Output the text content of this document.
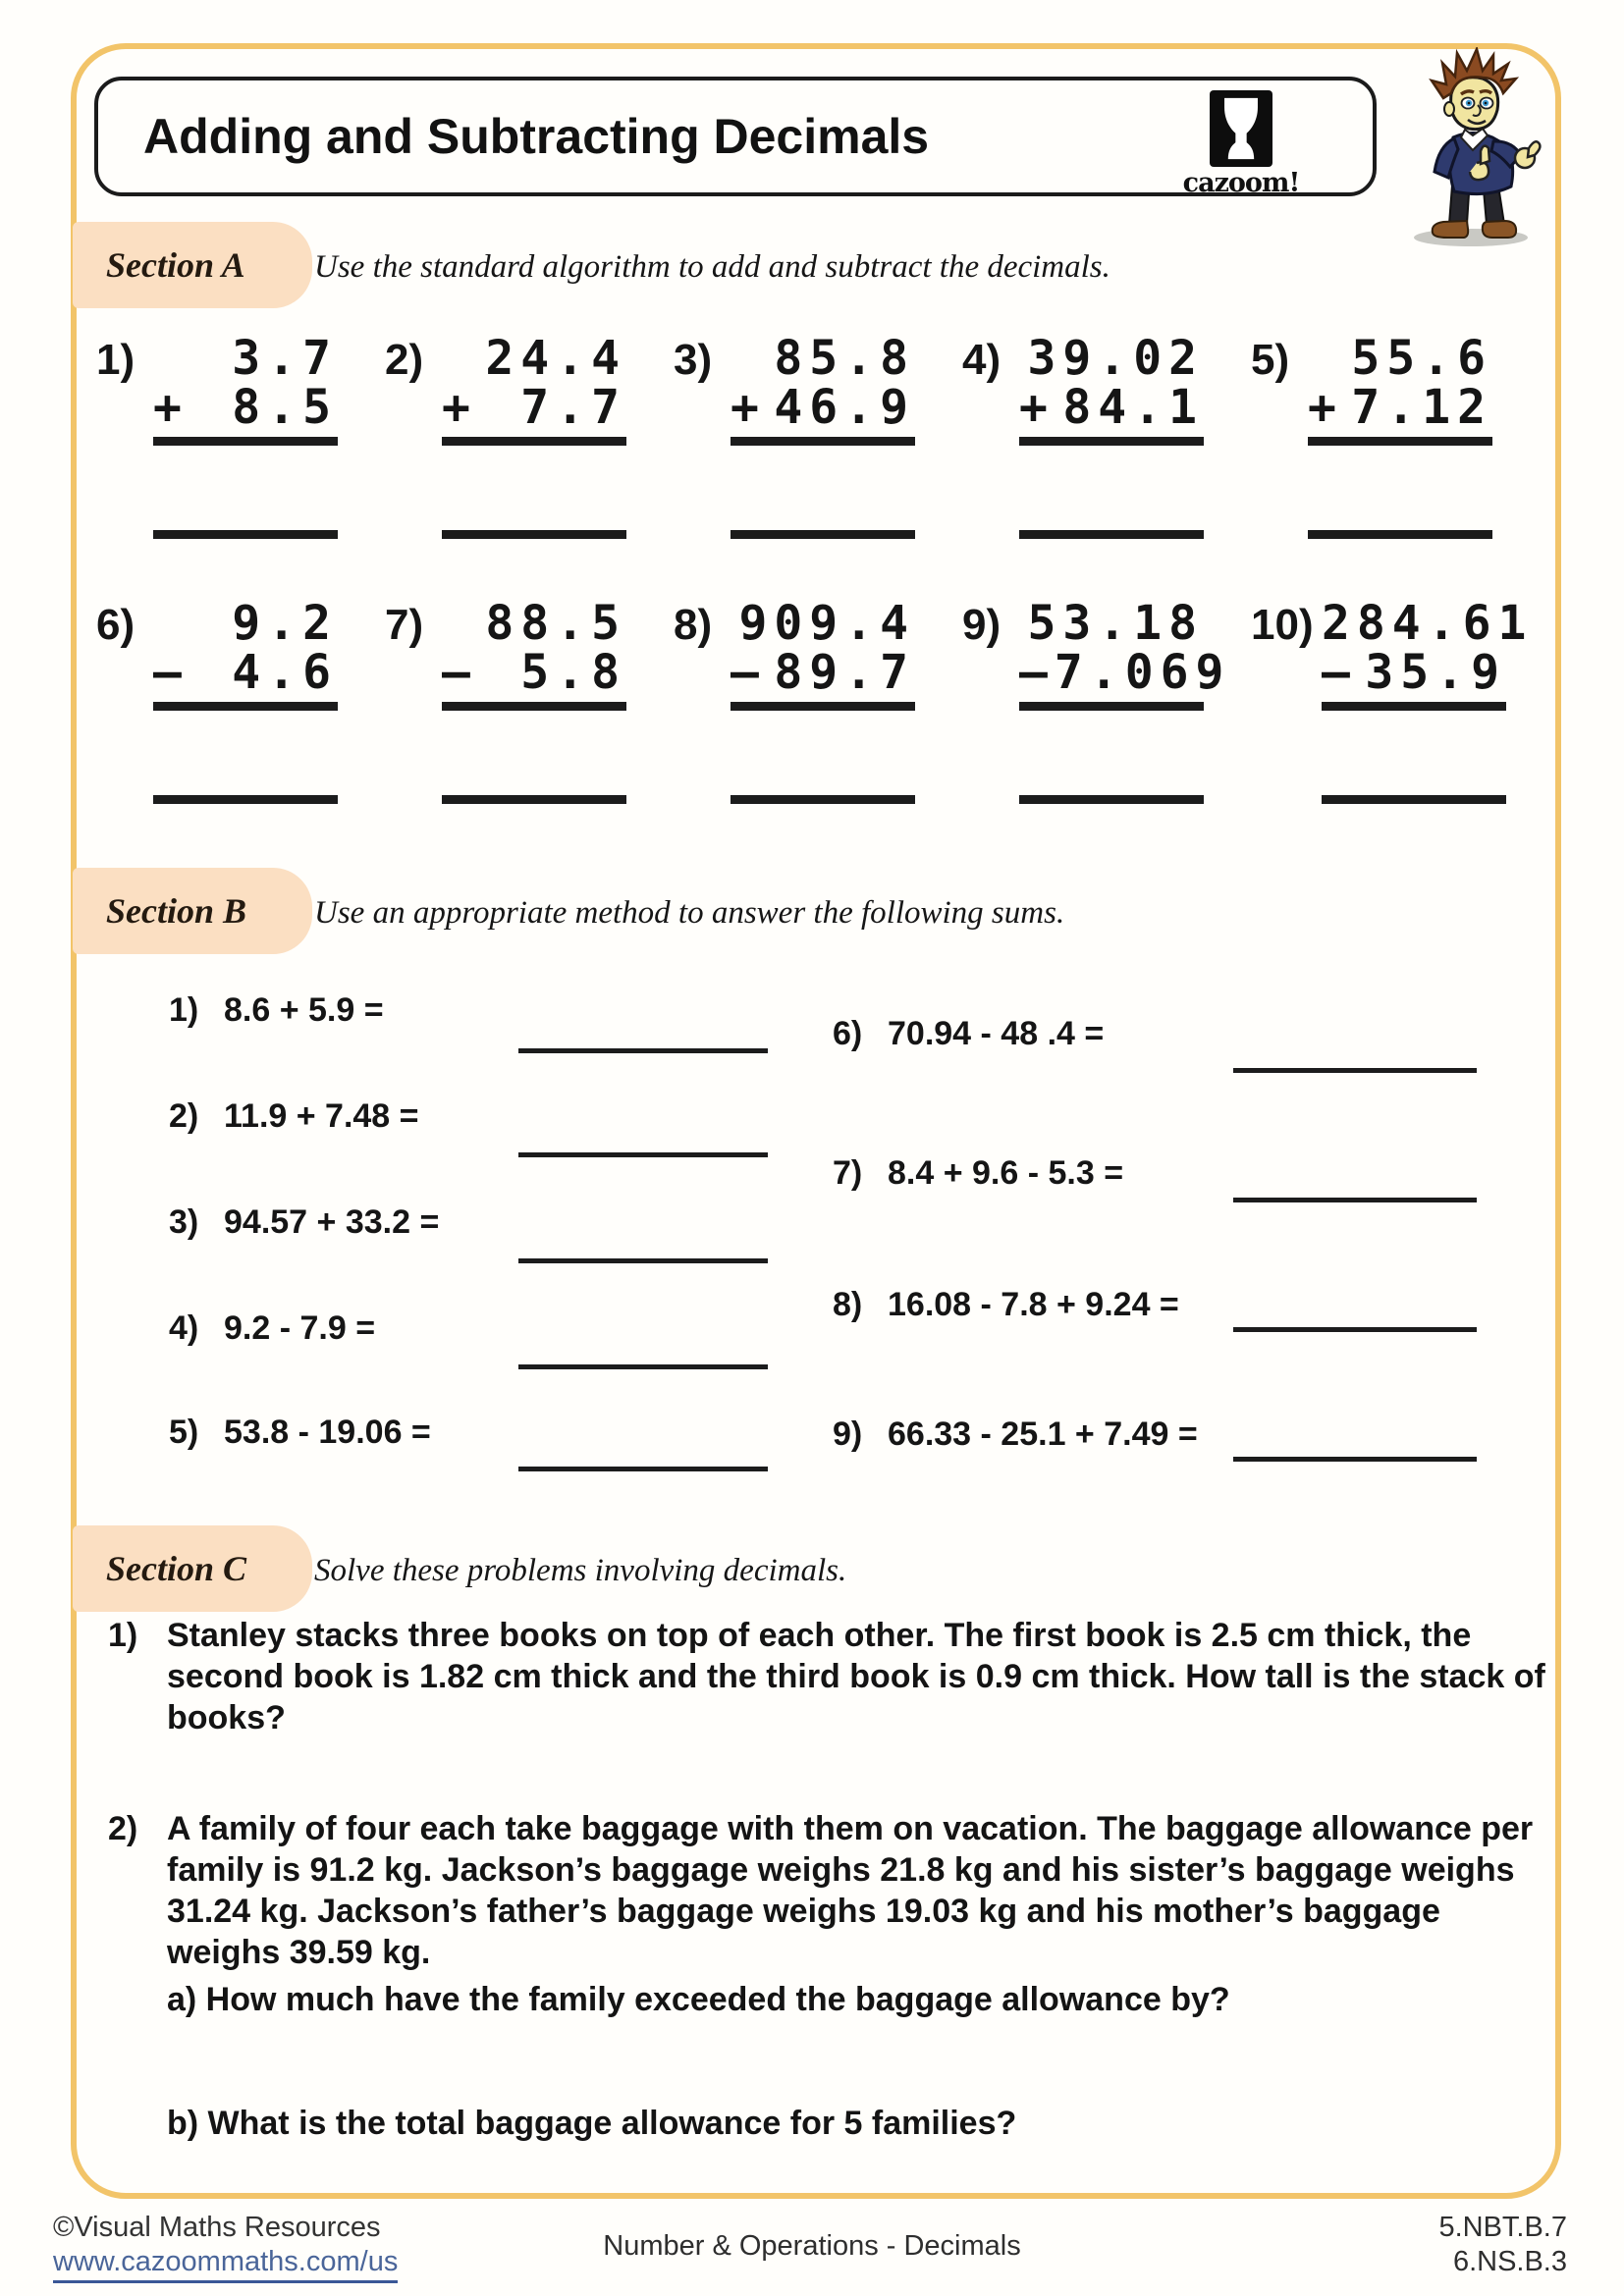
Adding and Subtracting Decimals
cazoom!
Section A	Use the standard algorithm to add and subtract the decimals.
1)	3.7
+ 8.5
2)	24.4
+ 7.7
3)	85.8
+ 46.9
4) 39.02
+ 84.1
5)	55.6
+ 7.12
6)	9.2
– 4.6
7)	88.5
– 5.8
8) 909.4
– 89.7
9) 53.18
– 7.069
10) 284.61
– 35.9
Section B	Use an appropriate method to answer the following sums.
1) 8.6 + 5.9 =
2) 11.9 + 7.48 =
3) 94.57 + 33.2 =
4) 9.2 - 7.9 =
5) 53.8 - 19.06 =
6) 70.94 - 48 .4 =
7) 8.4 + 9.6 - 5.3 =
8) 16.08 - 7.8 + 9.24 =
9) 66.33 - 25.1 + 7.49 =
Section C	Solve these problems involving decimals.
1) Stanley stacks three books on top of each other. The first book is 2.5 cm thick, the second book is 1.82 cm thick and the third book is 0.9 cm thick. How tall is the stack of books?
2) A family of four each take baggage with them on vacation. The baggage allowance per family is 91.2 kg. Jackson’s baggage weighs 21.8 kg and his sister’s baggage weighs 31.24 kg. Jackson’s father’s baggage weighs 19.03 kg and his mother’s baggage weighs 39.59 kg.
a) How much have the family exceeded the baggage allowance by?
b) What is the total baggage allowance for 5 families?
©Visual Maths Resources
www.cazoommaths.com/us	Number & Operations - Decimals
5.NBT.B.7
6.NS.B.3
